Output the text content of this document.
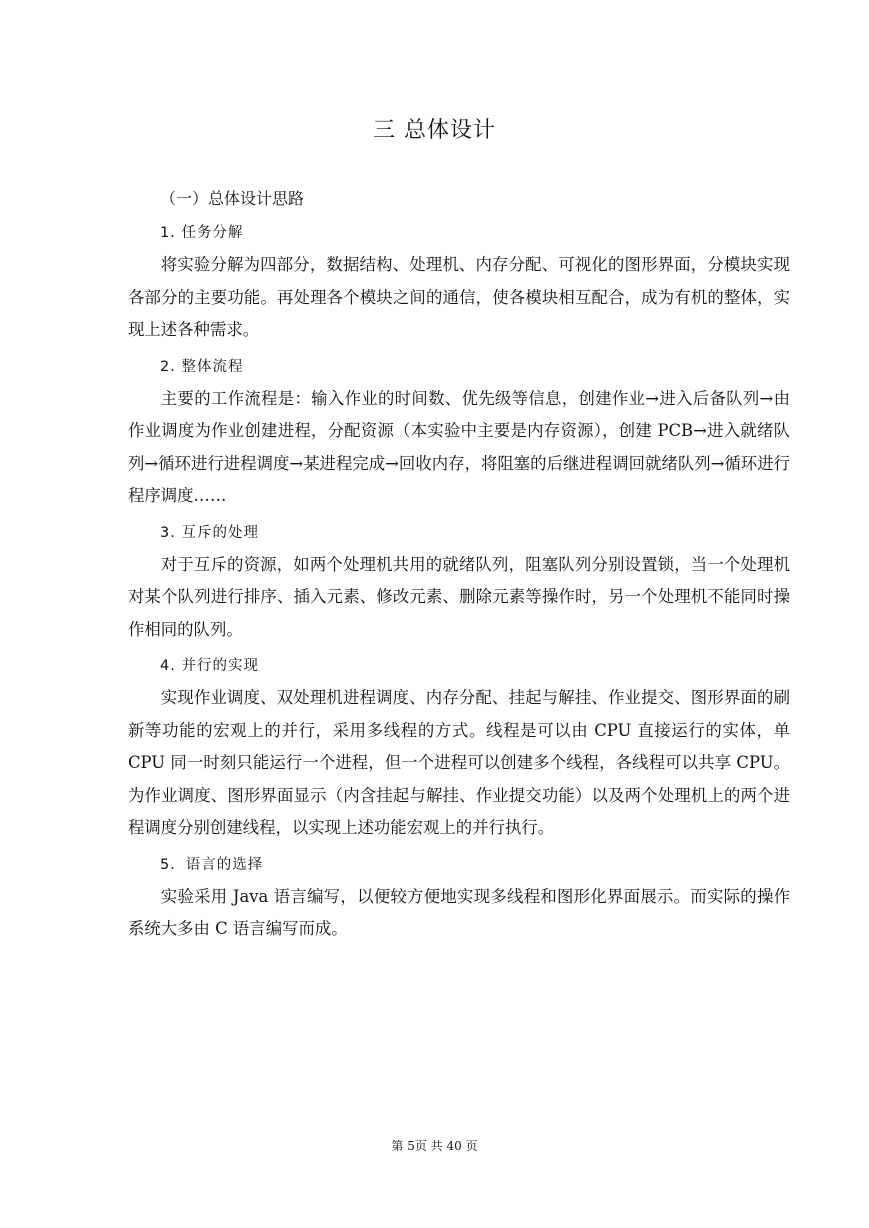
三 总体设计
（一）总体设计思路
1. 任务分解

将实验分解为四部分，数据结构、处理机、内存分配、可视化的图形界面，分模块实现各部分的主要功能。再处理各个模块之间的通信，使各模块相互配合，成为有机的整体，实现上述各种需求。

2. 整体流程

主要的工作流程是：输入作业的时间数、优先级等信息，创建作业→进入后备队列→由作业调度为作业创建进程，分配资源（本实验中主要是内存资源），创建 PCB→进入就绪队列→循环进行进程调度→某进程完成→回收内存，将阻塞的后继进程调回就绪队列→循环进行程序调度……

3. 互斥的处理

对于互斥的资源，如两个处理机共用的就绪队列，阻塞队列分别设置锁，当一个处理机对某个队列进行排序、插入元素、修改元素、删除元素等操作时，另一个处理机不能同时操作相同的队列。

4. 并行的实现

实现作业调度、双处理机进程调度、内存分配、挂起与解挂、作业提交、图形界面的刷新等功能的宏观上的并行，采用多线程的方式。线程是可以由 CPU 直接运行的实体，单 CPU 同一时刻只能运行一个进程，但一个进程可以创建多个线程，各线程可以共享 CPU。为作业调度、图形界面显示（内含挂起与解挂、作业提交功能）以及两个处理机上的两个进程调度分别创建线程，以实现上述功能宏观上的并行执行。

5．语言的选择

实验采用 Java 语言编写，以便较方便地实现多线程和图形化界面展示。而实际的操作系统大多由 C 语言编写而成。

第 5页 共 40 页
